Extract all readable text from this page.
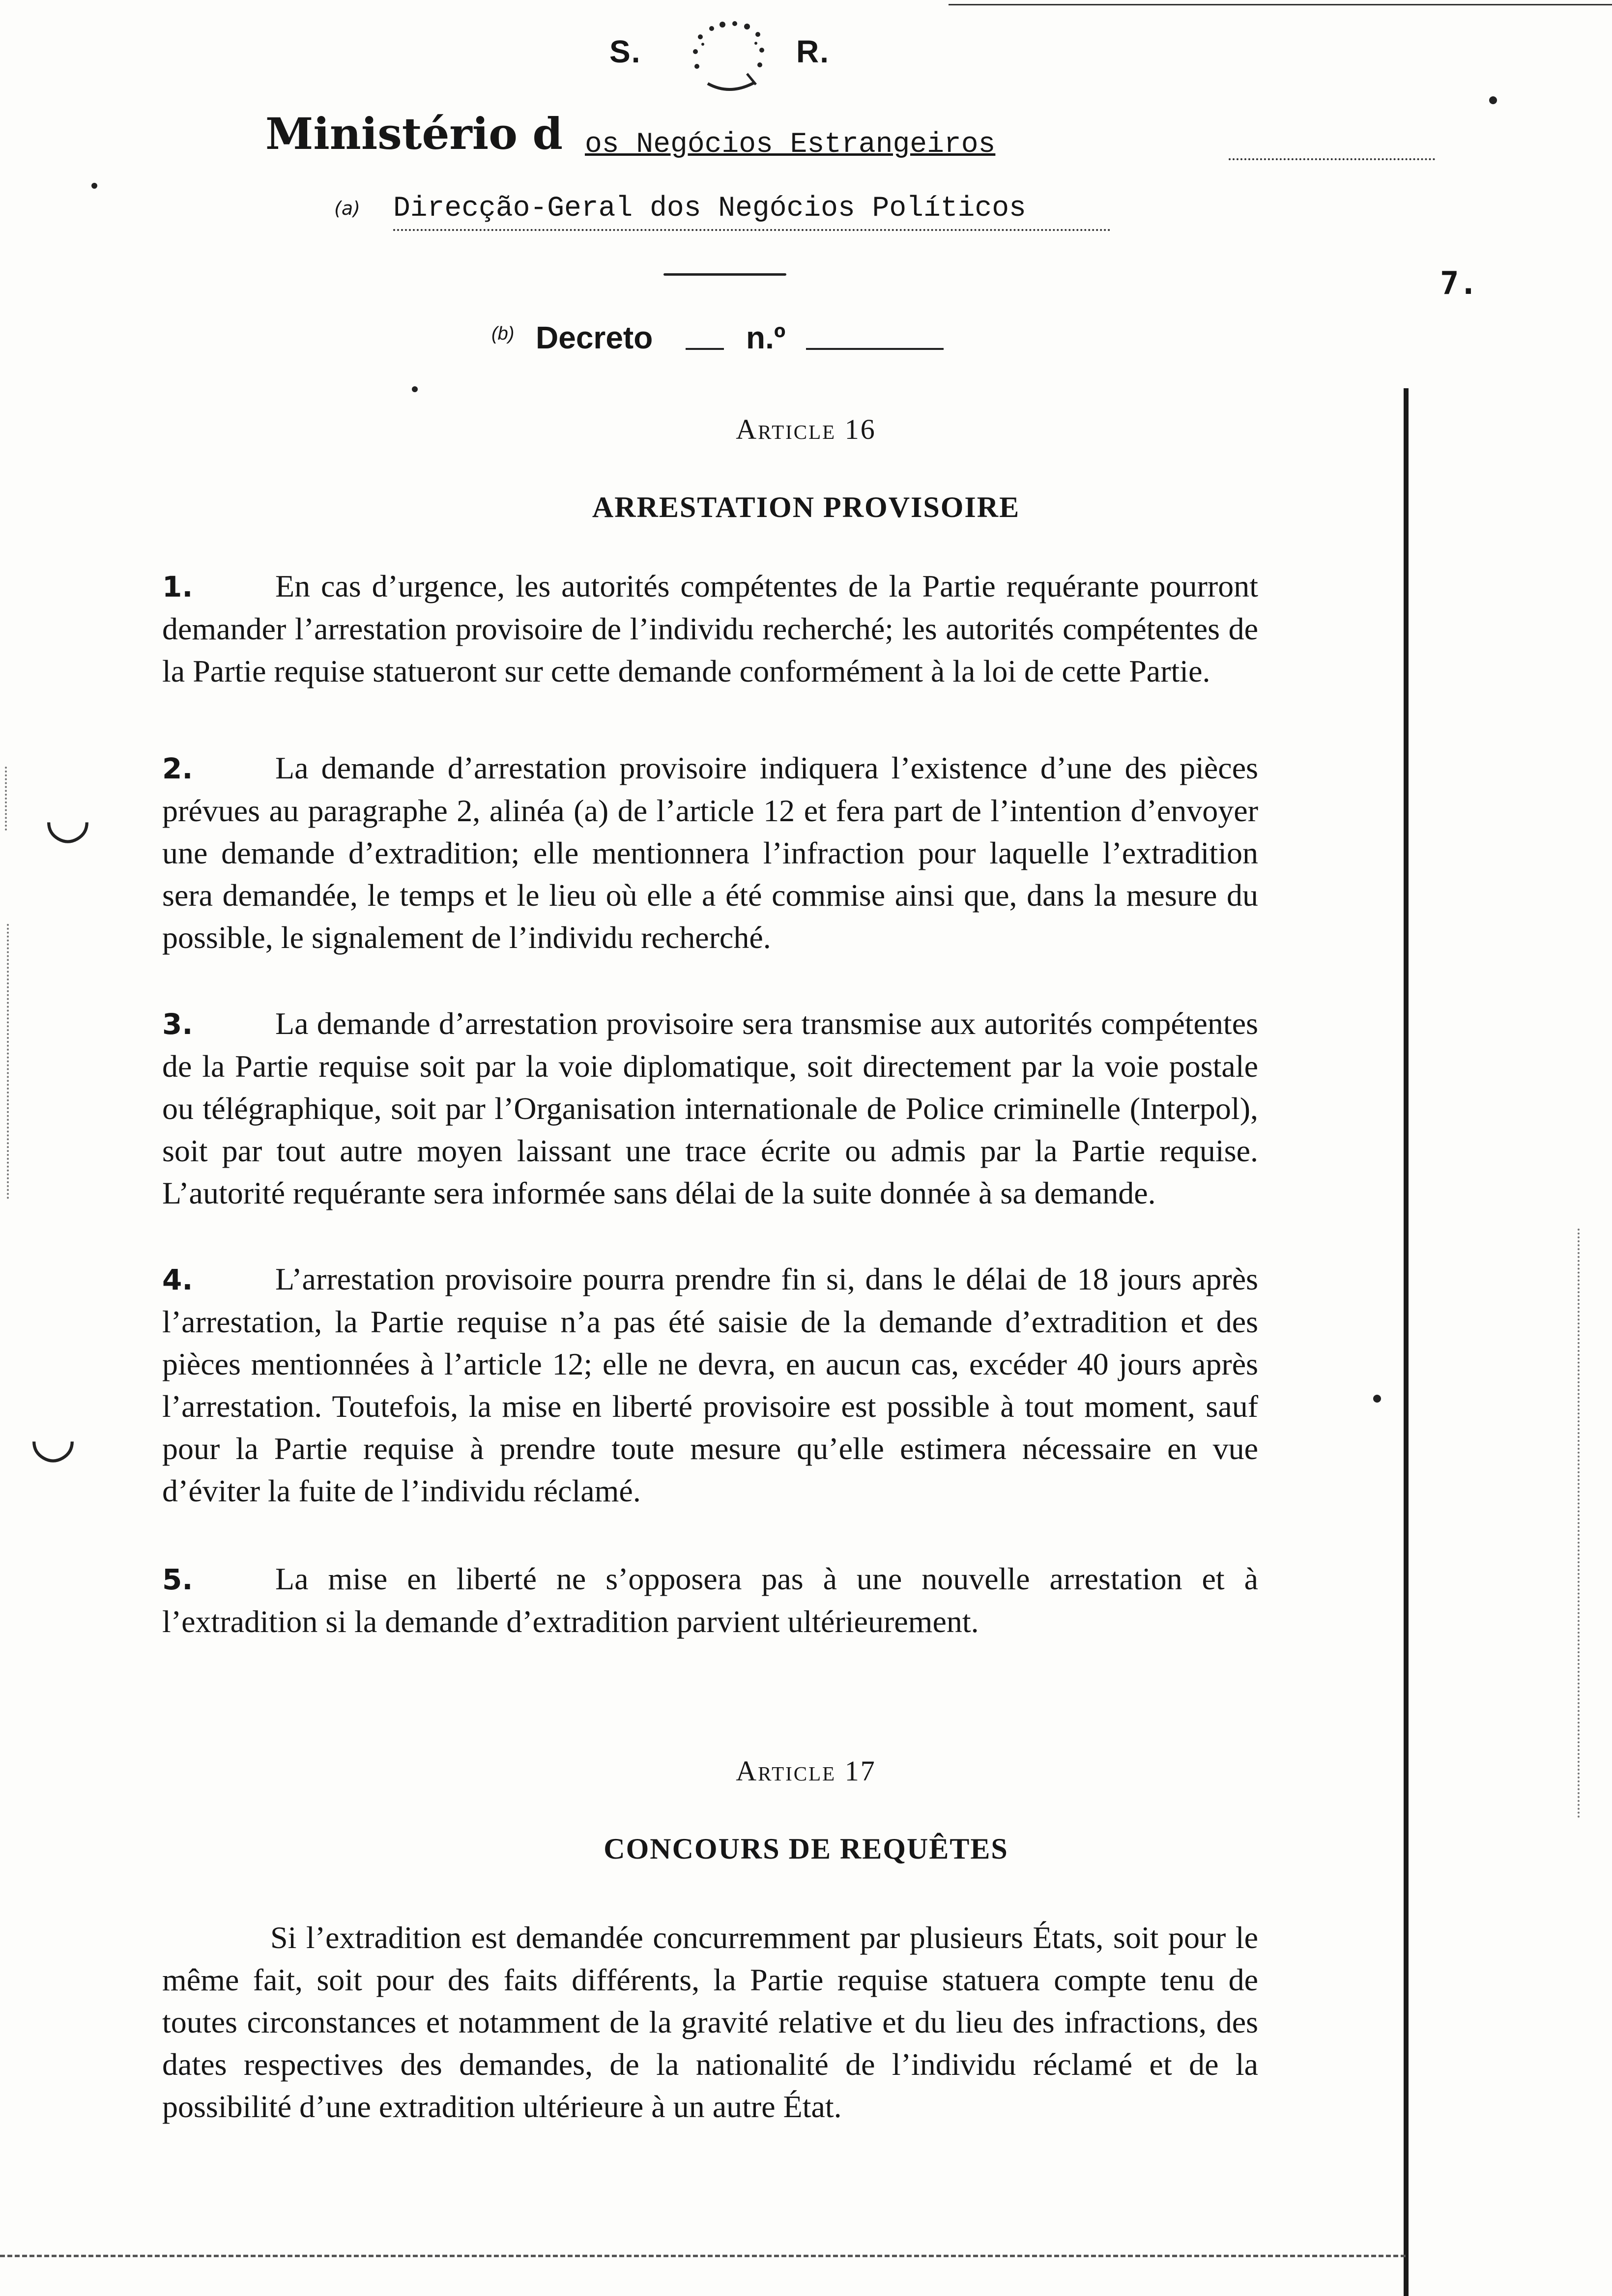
S.	R.
Ministério d os Negócios Estrangeiros
(a) Direcção-Geral dos Negócios Políticos
7.
(b) Decreto	n.º
Article 16
ARRESTATION PROVISOIRE
1.	En cas d’urgence, les autorités compétentes de la Partie requérante pourront demander l’arrestation provisoire de l’individu recherché; les autorités compétentes de la Partie requise statueront sur cette demande conformément à la loi de cette Partie.
2.	La demande d’arrestation provisoire indiquera l’existence d’une des pièces prévues au paragraphe 2, alinéa (a) de l’article 12 et fera part de l’intention d’envoyer une demande d’extradition; elle mentionnera l’infraction pour laquelle l’extradition sera demandée, le temps et le lieu où elle a été commise ainsi que, dans la mesure du possible, le signalement de l’individu recherché.
3.	La demande d’arrestation provisoire sera transmise aux autorités compétentes de la Partie requise soit par la voie diplomatique, soit directement par la voie postale ou télégraphique, soit par l’Organisation internationale de Police criminelle (Interpol), soit par tout autre moyen laissant une trace écrite ou admis par la Partie requise. L’autorité requérante sera informée sans délai de la suite donnée à sa demande.
4.	L’arrestation provisoire pourra prendre fin si, dans le délai de 18 jours après l’arrestation, la Partie requise n’a pas été saisie de la demande d’extradition et des pièces mentionnées à l’article 12; elle ne devra, en aucun cas, excéder 40 jours après l’arrestation. Toutefois, la mise en liberté provisoire est possible à tout moment, sauf pour la Partie requise à prendre toute mesure qu’elle estimera nécessaire en vue d’éviter la fuite de l’individu réclamé.
5.	La mise en liberté ne s’opposera pas à une nouvelle arrestation et à l’extradition si la demande d’extradition parvient ultérieurement.
Article 17
CONCOURS DE REQUÊTES
Si l’extradition est demandée concurremment par plusieurs États, soit pour le même fait, soit pour des faits différents, la Partie requise statuera compte tenu de toutes circonstances et notamment de la gravité relative et du lieu des infractions, des dates respectives des demandes, de la nationalité de l’individu réclamé et de la possibilité d’une extradition ultérieure à un autre État.
◡
◡
